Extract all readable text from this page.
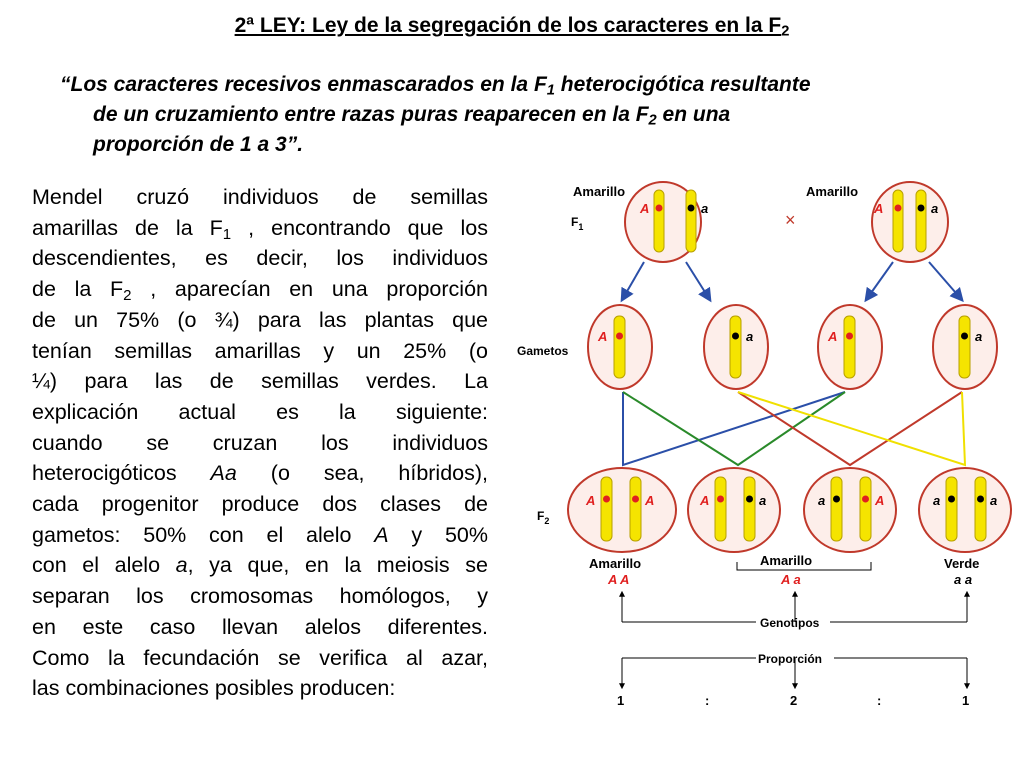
2ª LEY: Ley de la segregación de los caracteres en la $F_2$
“Los caracteres recesivos enmascarados en la $F_1$ heterocigótica resultante
de un cruzamiento entre razas puras reaparecen en la $F_2$ en una
proporción de 1 a 3”.
Mendel cruzó individuos de semillas
amarillas de la $F_1$ , encontrando que los
descendientes, es decir, los individuos
de la $F_2$ , aparecían en una proporción
de un 75% (o ¾) para las plantas que
tenían semillas amarillas y un 25% (o
¼) para las de semillas verdes. La
explicación actual es la siguiente:
cuando se cruzan los individuos
heterocigóticos Aa (o sea, híbridos),
cada progenitor produce dos clases de
gametos: 50% con el alelo A y 50%
con el alelo a, ya que, en la meiosis se
separan los cromosomas homólogos, y
en este caso llevan alelos diferentes.
Como la fecundación se verifica al azar,
las combinaciones posibles producen:
Amarillo	Amarillo
$F_1$	×
A	a	A	a
Gametos
A	a	A	a
$F_2$
A	A	A	a	a	A	a	a
Amarillo
A A
Amarillo
A a
Verde
a a
Genotipos
Proporción
1	:	2	:	1
